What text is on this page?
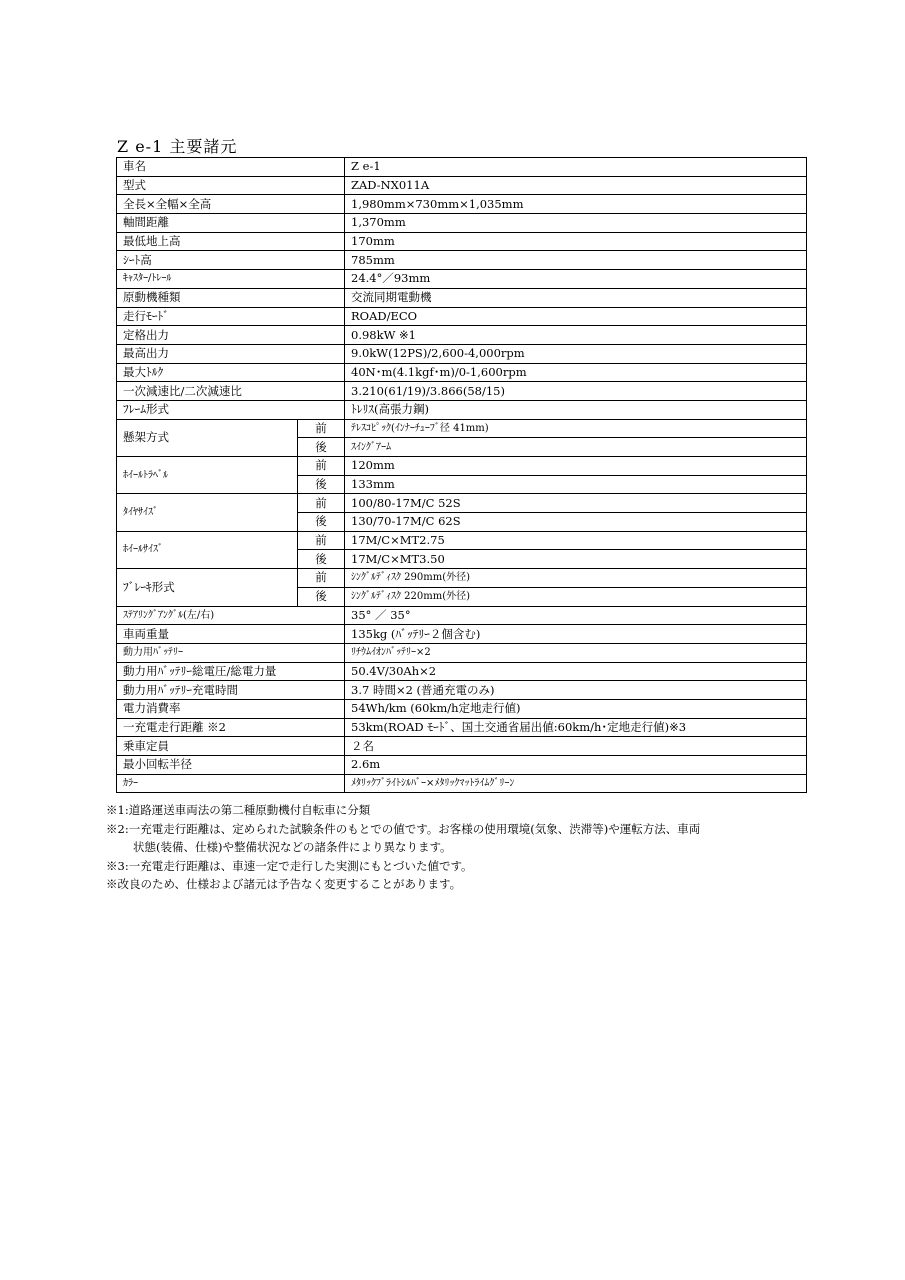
Z e-1 主要諸元
車名		Z e-1
型式		ZAD-NX011A
全長×全幅×全高		1,980mm×730mm×1,035mm
軸間距離		1,370mm
最低地上高		170mm
ｼｰﾄ高		785mm
ｷｬｽﾀｰ/ﾄﾚｰﾙ		24.4°／93mm
原動機種類		交流同期電動機
走行ﾓｰﾄﾞ		ROAD/ECO
定格出力		0.98kW ※1
最高出力		9.0kW(12PS)/2,600-4,000rpm
最大ﾄﾙｸ		40N･m(4.1kgf･m)/0-1,600rpm
一次減速比/二次減速比		3.210(61/19)/3.866(58/15)
ﾌﾚｰﾑ形式		ﾄﾚﾘｽ(高張力鋼)
懸架方式	前	ﾃﾚｽｺﾋﾟｯｸ(ｲﾝﾅｰﾁｭｰﾌﾞ径 41mm)
	後	ｽｲﾝｸﾞｱｰﾑ
ﾎｲｰﾙﾄﾗﾍﾞﾙ	前	120mm
	後	133mm
ﾀｲﾔｻｲｽﾞ	前	100/80-17M/C 52S
	後	130/70-17M/C 62S
ﾎｲｰﾙｻｲｽﾞ	前	17M/C×MT2.75
	後	17M/C×MT3.50
ﾌﾞﾚｰｷ形式	前	ｼﾝｸﾞﾙﾃﾞｨｽｸ 290mm(外径)
	後	ｼﾝｸﾞﾙﾃﾞｨｽｸ 220mm(外径)
ｽﾃｱﾘﾝｸﾞｱﾝｸﾞﾙ(左/右)		35° ／ 35°
車両重量		135kg (ﾊﾞｯﾃﾘｰ２個含む)
動力用ﾊﾞｯﾃﾘｰ		ﾘﾁｳﾑｲｵﾝﾊﾞｯﾃﾘｰ×2
動力用ﾊﾞｯﾃﾘｰ総電圧/総電力量		50.4V/30Ah×2
動力用ﾊﾞｯﾃﾘｰ充電時間		3.7 時間×2 (普通充電のみ)
電力消費率		54Wh/km (60km/h定地走行値)
一充電走行距離 ※2		53km(ROAD ﾓｰﾄﾞ、国土交通省届出値:60km/h･定地走行値)※3
乗車定員		２名
最小回転半径		2.6m
ｶﾗｰ		ﾒﾀﾘｯｸﾌﾞﾗｲﾄｼﾙﾊﾞｰ×ﾒﾀﾘｯｸﾏｯﾄﾗｲﾑｸﾞﾘｰﾝ

※1:道路運送車両法の第二種原動機付自転車に分類

※2:一充電走行距離は、定められた試験条件のもとでの値です。お客様の使用環境(気象、渋滞等)や運転方法、車両
状態(装備、仕様)や整備状況などの諸条件により異なります。

※3:一充電走行距離は、車速一定で走行した実測にもとづいた値です。

※改良のため、仕様および諸元は予告なく変更することがあります。
